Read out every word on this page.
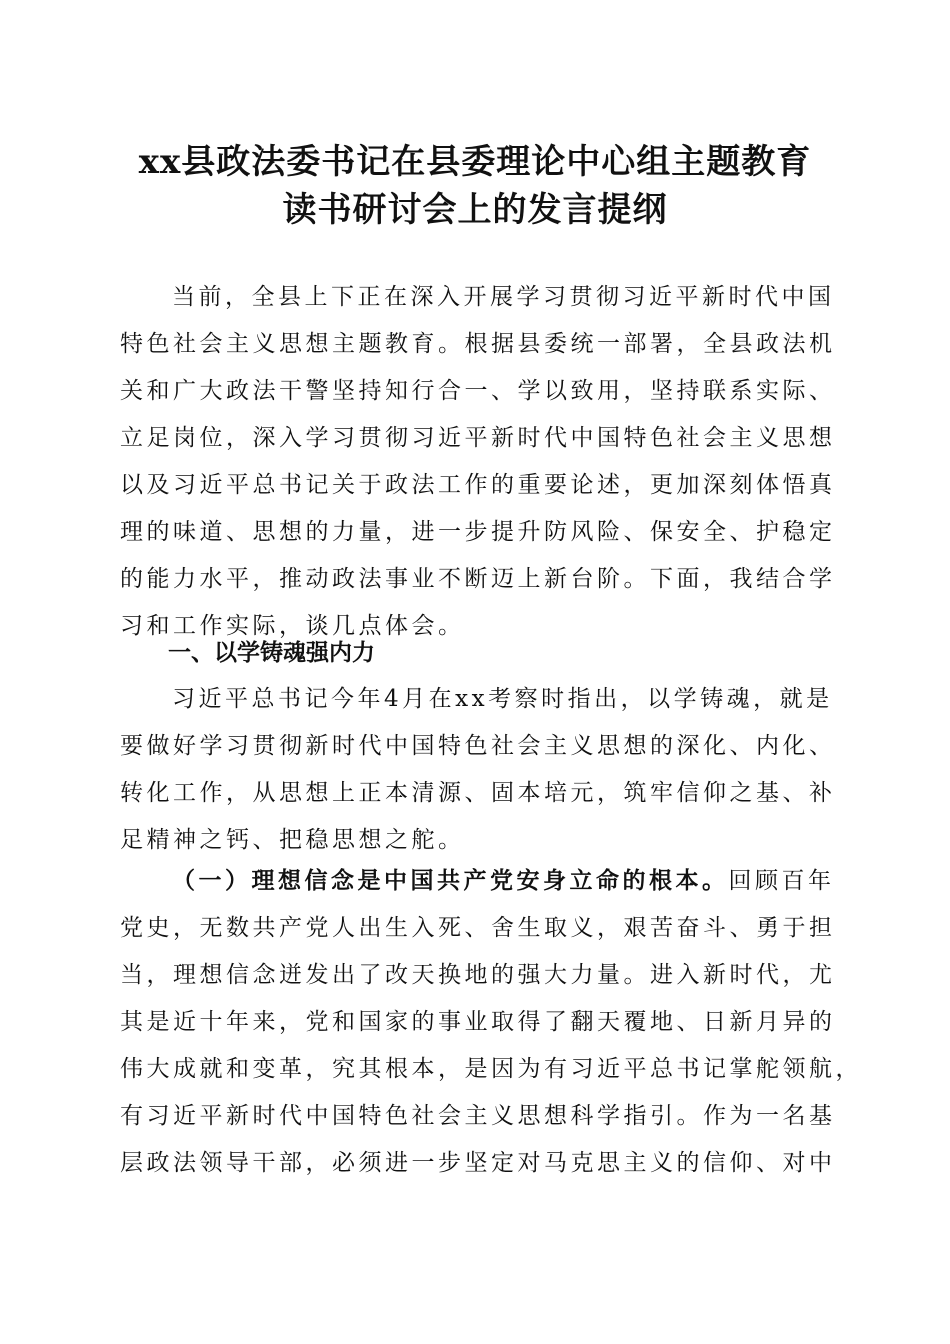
xx县政法委书记在县委理论中心组主题教育
读书研讨会上的发言提纲
当前，全县上下正在深入开展学习贯彻习近平新时代中国
特色社会主义思想主题教育。根据县委统一部署，全县政法机
关和广大政法干警坚持知行合一、学以致用，坚持联系实际、
立足岗位，深入学习贯彻习近平新时代中国特色社会主义思想
以及习近平总书记关于政法工作的重要论述，更加深刻体悟真
理的味道、思想的力量，进一步提升防风险、保安全、护稳定
的能力水平，推动政法事业不断迈上新台阶。下面，我结合学
习和工作实际，谈几点体会。
一、以学铸魂强内力
习近平总书记今年4月在xx考察时指出，以学铸魂，就是
要做好学习贯彻新时代中国特色社会主义思想的深化、内化、
转化工作，从思想上正本清源、固本培元，筑牢信仰之基、补
足精神之钙、把稳思想之舵。
（一）理想信念是中国共产党安身立命的根本。回顾百年
党史，无数共产党人出生入死、舍生取义，艰苦奋斗、勇于担
当，理想信念迸发出了改天换地的强大力量。进入新时代，尤
其是近十年来，党和国家的事业取得了翻天覆地、日新月异的
伟大成就和变革，究其根本，是因为有习近平总书记掌舵领航，
有习近平新时代中国特色社会主义思想科学指引。作为一名基
层政法领导干部，必须进一步坚定对马克思主义的信仰、对中
